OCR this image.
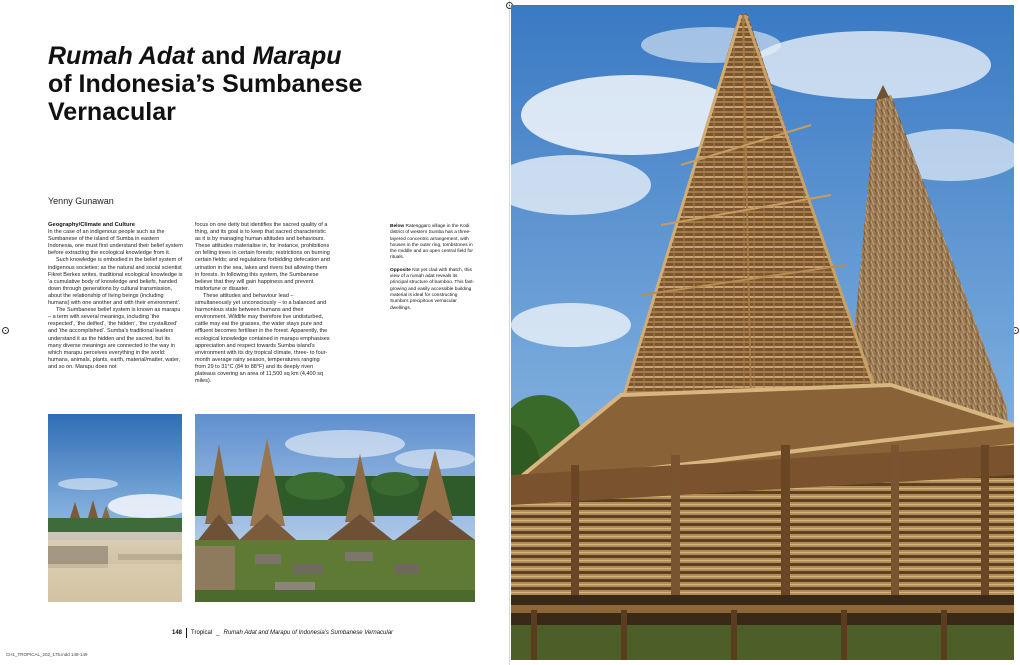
Rumah Adat and Marapu
of Indonesia’s Sumbanese
Vernacular
Yenny Gunawan
Geography/Climate and Culture

In the case of an indigenous people such as the Sumbanese of the island of Sumba in eastern Indonesia, one must first understand their belief system before extracting the ecological knowledge from it.

Such knowledge is embodied in the belief system of indigenous societies; as the natural and social scientist Fikret Berkes writes, traditional ecological knowledge is ‘a cumulative body of knowledge and beliefs, handed down through generations by cultural transmission, about the relationship of living beings (including humans) with one another and with their environment’.

The Sumbanese belief system is known as marapu – a term with several meanings, including ‘the respected’, ‘the deified’, ‘the hidden’, ‘the crystallized’ and ‘the accomplished’. Sumba’s traditional leaders understand it as the hidden and the sacred, but its many diverse meanings are connected to the way in which marapu perceives everything in the world: humans, animals, plants, earth, material/matter, water, and so on. Marapu does not

focus on one deity but identifies the sacred quality of a thing, and its goal is to keep that sacred characteristic as it is by managing human attitudes and behaviours. These attitudes materialise in, for instance, prohibitions on felling trees in certain forests; restrictions on burning certain fields; and regulations forbidding defecation and urination in the sea, lakes and rivers but allowing them in forests. In following this system, the Sumbanese believe that they will gain happiness and prevent misfortune or disaster.

These attitudes and behaviour lead – simultaneously yet unconsciously – to a balanced and harmonious state between humans and their environment. Wildlife may therefore live undisturbed, cattle may eat the grasses, the water stays pure and effluent becomes fertiliser in the forest. Apparently, the ecological knowledge contained in marapu emphasises appreciation and respect towards Sumba island’s environment with its dry tropical climate, three- to four-month average rainy season, temperatures ranging from 29 to 31°C (84 to 88°F) and its deeply riven plateaus covering an area of 11,500 sq km (4,400 sq miles).

Below Ratenggaro village in the Kodi district of western Sumba has a three-layered concentric arrangement, with houses in the outer ring, tombstones in the middle and an open central field for rituals.

Opposite Not yet clad with thatch, this view of a rumah adat reveals its principal structure of bamboo. This fast-growing and easily accessible building material is ideal for constructing Sumba’s precipitous vernacular dwellings.

148 Tropical _ Rumah Adat and Marapu of Indonesia’s Sumbanese Vernacular
CH1_TROPICAL_202_175.indd 148-149
